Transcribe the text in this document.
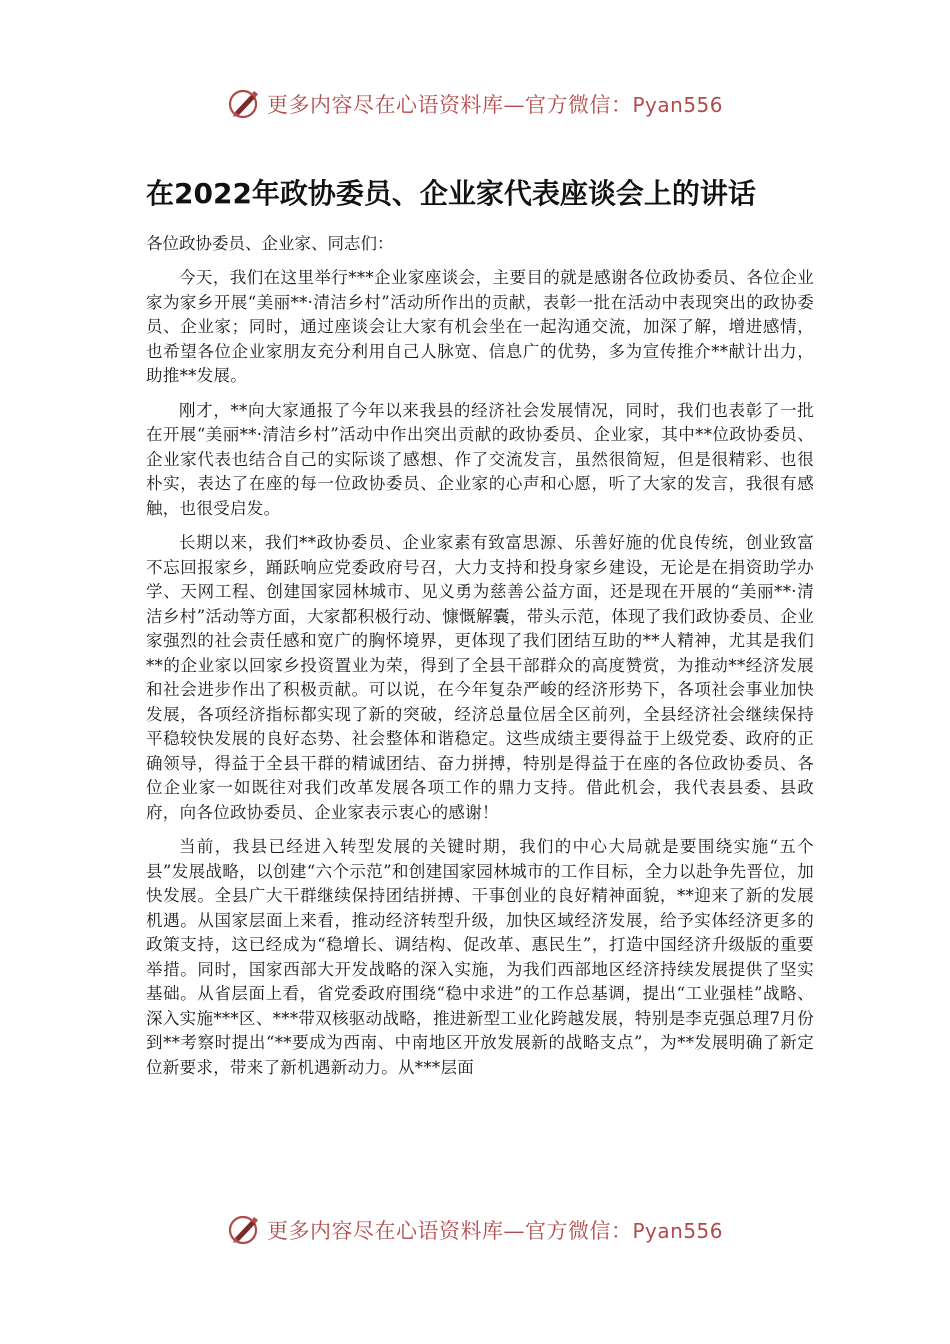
更多内容尽在心语资料库—官方微信：Pyan556
在2022年政协委员、企业家代表座谈会上的讲话

各位政协委员、企业家、同志们：

今天，我们在这里举行***企业家座谈会，主要目的就是感谢各位政协委员、各位企业家为家乡开展“美丽**·清洁乡村”活动所作出的贡献，表彰一批在活动中表现突出的政协委员、企业家；同时，通过座谈会让大家有机会坐在一起沟通交流，加深了解，增进感情，也希望各位企业家朋友充分利用自己人脉宽、信息广的优势，多为宣传推介**献计出力，助推**发展。

刚才，**向大家通报了今年以来我县的经济社会发展情况，同时，我们也表彰了一批在开展“美丽**·清洁乡村”活动中作出突出贡献的政协委员、企业家，其中**位政协委员、企业家代表也结合自己的实际谈了感想、作了交流发言，虽然很简短，但是很精彩、也很朴实，表达了在座的每一位政协委员、企业家的心声和心愿，听了大家的发言，我很有感触，也很受启发。

长期以来，我们**政协委员、企业家素有致富思源、乐善好施的优良传统，创业致富不忘回报家乡，踊跃响应党委政府号召，大力支持和投身家乡建设，无论是在捐资助学办学、天网工程、创建国家园林城市、见义勇为慈善公益方面，还是现在开展的“美丽**·清洁乡村”活动等方面，大家都积极行动、慷慨解囊，带头示范，体现了我们政协委员、企业家强烈的社会责任感和宽广的胸怀境界，更体现了我们团结互助的**人精神，尤其是我们**的企业家以回家乡投资置业为荣，得到了全县干部群众的高度赞赏，为推动**经济发展和社会进步作出了积极贡献。可以说，在今年复杂严峻的经济形势下，各项社会事业加快发展，各项经济指标都实现了新的突破，经济总量位居全区前列，全县经济社会继续保持平稳较快发展的良好态势、社会整体和谐稳定。这些成绩主要得益于上级党委、政府的正确领导，得益于全县干群的精诚团结、奋力拼搏，特别是得益于在座的各位政协委员、各位企业家一如既往对我们改革发展各项工作的鼎力支持。借此机会，我代表县委、县政府，向各位政协委员、企业家表示衷心的感谢！

当前，我县已经进入转型发展的关键时期，我们的中心大局就是要围绕实施“五个县”发展战略，以创建“六个示范”和创建国家园林城市的工作目标，全力以赴争先晋位，加快发展。全县广大干群继续保持团结拼搏、干事创业的良好精神面貌，**迎来了新的发展机遇。从国家层面上来看，推动经济转型升级，加快区域经济发展，给予实体经济更多的政策支持，这已经成为“稳增长、调结构、促改革、惠民生”，打造中国经济升级版的重要举措。同时，国家西部大开发战略的深入实施，为我们西部地区经济持续发展提供了坚实基础。从省层面上看，省党委政府围绕“稳中求进”的工作总基调，提出“工业强桂”战略、深入实施***区、***带双核驱动战略，推进新型工业化跨越发展，特别是李克强总理7月份到**考察时提出“**要成为西南、中南地区开放发展新的战略支点”，为**发展明确了新定位新要求，带来了新机遇新动力。从***层面

更多内容尽在心语资料库—官方微信：Pyan556
